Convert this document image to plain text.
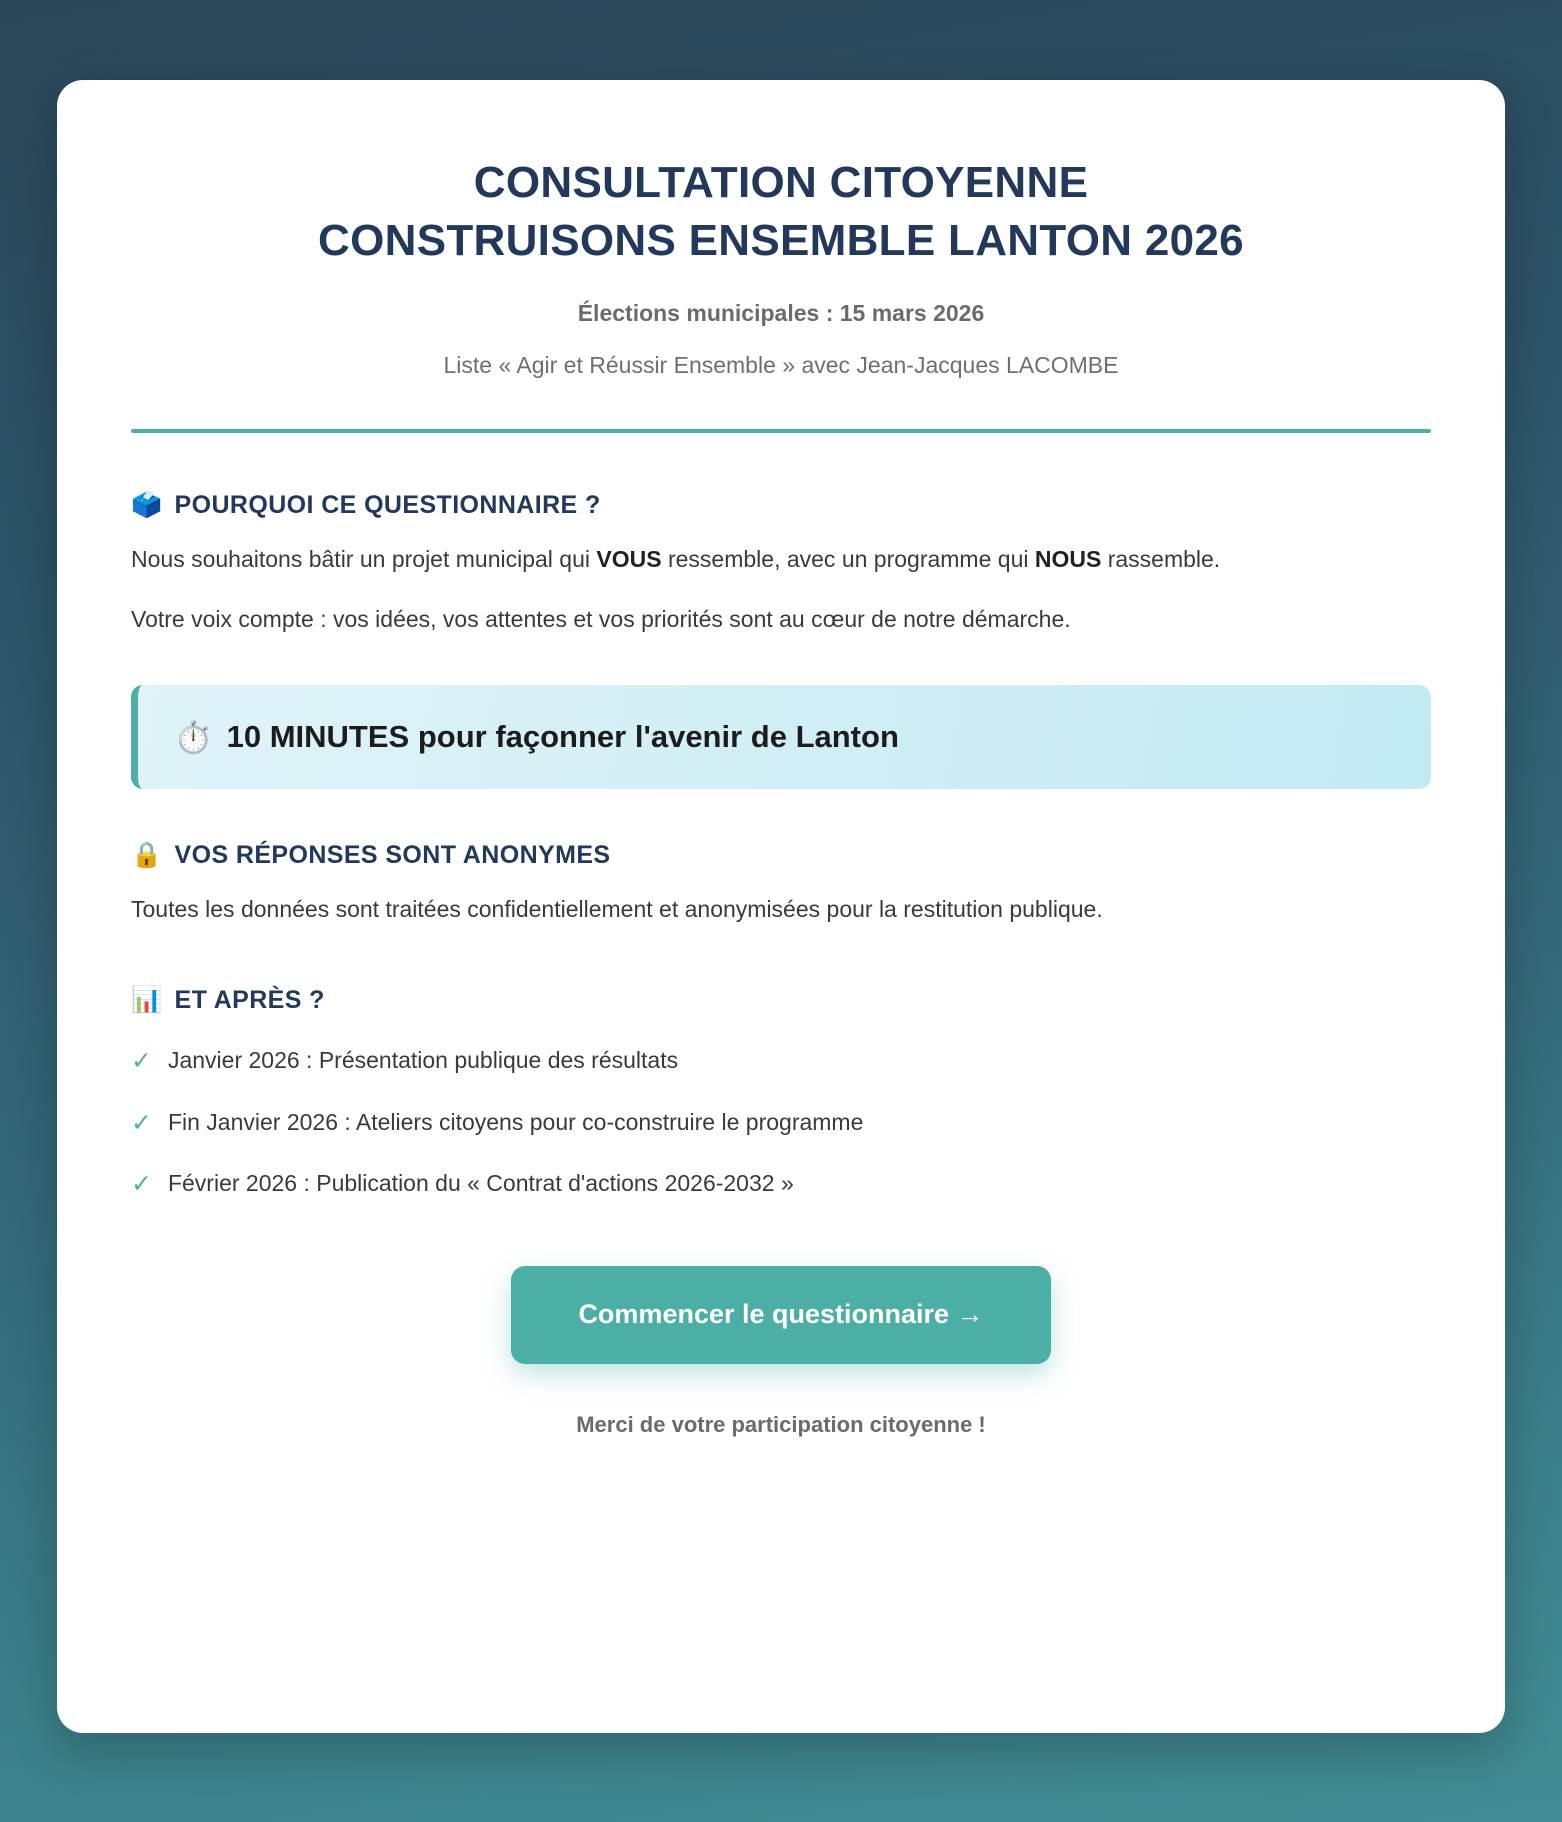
CONSULTATION CITOYENNE
CONSTRUISONS ENSEMBLE LANTON 2026
Élections municipales : 15 mars 2026
Liste « Agir et Réussir Ensemble » avec Jean-Jacques LACOMBE
🗳️ POURQUOI CE QUESTIONNAIRE ?

Nous souhaitons bâtir un projet municipal qui VOUS ressemble, avec un programme qui NOUS rassemble.

Votre voix compte : vos idées, vos attentes et vos priorités sont au cœur de notre démarche.

⏱️ 10 MINUTES pour façonner l'avenir de Lanton
🔒 VOS RÉPONSES SONT ANONYMES

Toutes les données sont traitées confidentiellement et anonymisées pour la restitution publique.

📊 ET APRÈS ?
✓ Janvier 2026 : Présentation publique des résultats
✓ Fin Janvier 2026 : Ateliers citoyens pour co-construire le programme
✓ Février 2026 : Publication du « Contrat d'actions 2026-2032 »
Commencer le questionnaire →
Merci de votre participation citoyenne !
